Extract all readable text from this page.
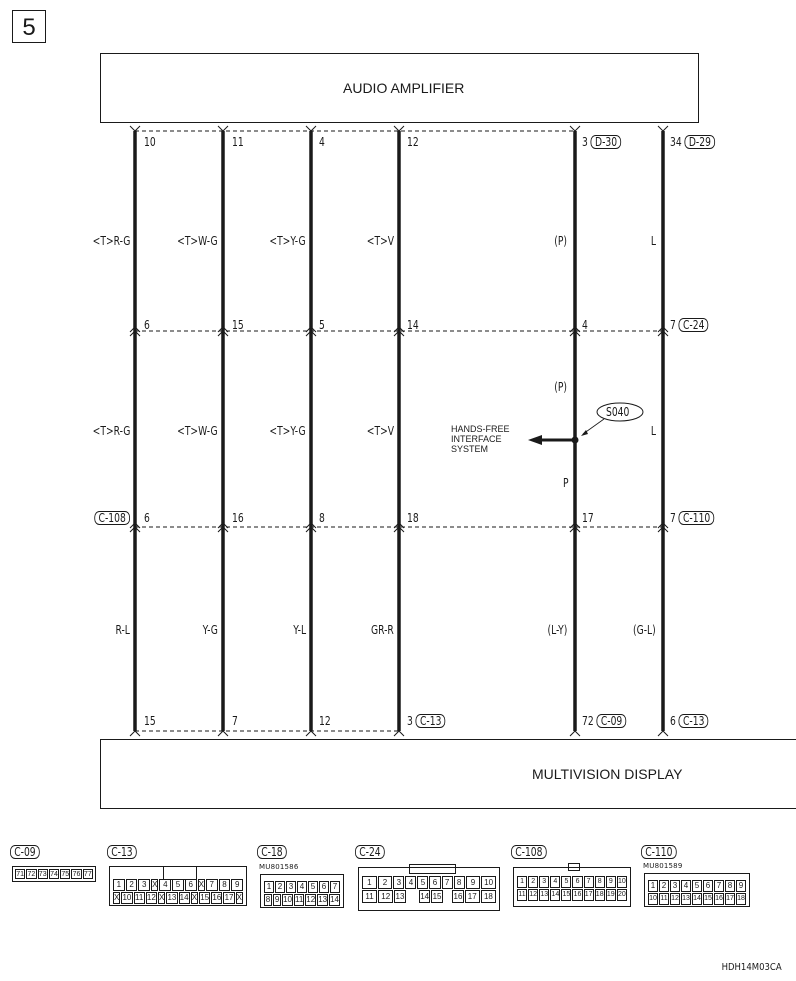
5
AUDIO AMPLIFIER
MULTIVISION DISPLAY
S040
HANDS-FREE
INTERFACE
SYSTEM
10	11	4	12	3 D-30	34 D-29
<T>R-G	<T>W-G	<T>Y-G	<T>V	(P)	L
6	15	5	14	4	7 C-24
<T>R-G	<T>W-G	<T>Y-G	<T>V
(P)
P
L
C-108	6	16	8	18	17	7 C-110
R-L	Y-G	Y-L	GR-R	(L-Y)	(G-L)
15	7	12	3 C-13	72 C-09	6 C-13
C-09
71 72 73 74 75 76 77
C-13
1	2	3 X 4	5	6 X 7	8	9
X 10 11 12 X 13 14 X 15 16 17 X
C-18
MU801586
1 2 3 4 5 6 7
8 9 10 11 12 13 14
C-24
1	2	3 4 5 6 7 8	9	10
11 12 13 14 15 16 17 18
C-108
1	2	3	4	5	6	7	8	9 10
11 12 13 14 15 16 17 18 19 20
C-110
MU801589
1 2 3 4 5 6 7 8 9
10 11 12 13 14 15 16 17 18
HDH14M03CA
